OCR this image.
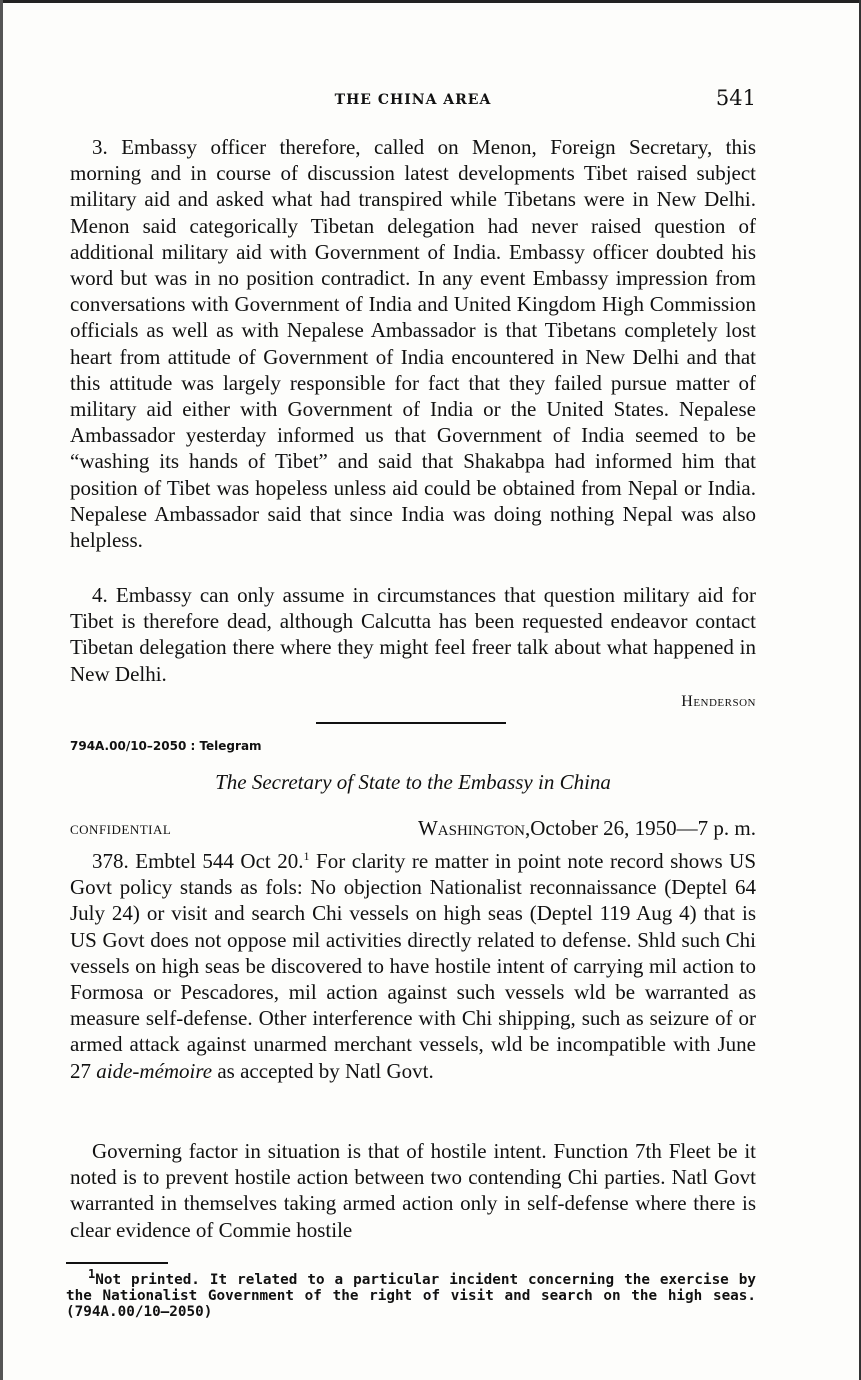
THE CHINA AREA	541

3. Embassy officer therefore, called on Menon, Foreign Secretary, this morning and in course of discussion latest developments Tibet raised subject military aid and asked what had transpired while Tibetans were in New Delhi. Menon said categorically Tibetan delegation had never raised question of additional military aid with Government of India. Embassy officer doubted his word but was in no position contradict. In any event Embassy impression from conversations with Government of India and United Kingdom High Commission officials as well as with Nepalese Ambassador is that Tibetans completely lost heart from attitude of Government of India encountered in New Delhi and that this attitude was largely responsible for fact that they failed pursue matter of military aid either with Government of India or the United States. Nepalese Ambassador yesterday informed us that Government of India seemed to be “washing its hands of Tibet” and said that Shakabpa had informed him that position of Tibet was hopeless unless aid could be obtained from Nepal or India. Nepalese Ambassador said that since India was doing nothing Nepal was also helpless.

4. Embassy can only assume in circumstances that question military aid for Tibet is therefore dead, although Calcutta has been requested endeavor contact Tibetan delegation there where they might feel freer talk about what happened in New Delhi.

Henderson
794A.00/10–2050 : Telegram
The Secretary of State to the Embassy in China
CONFIDENTIAL	Washington,October 26, 1950—7 p. m.

378. Embtel 544 Oct 20.$^1$ For clarity re matter in point note record shows US Govt policy stands as fols: No objection Nationalist reconnaissance (Deptel 64 July 24) or visit and search Chi vessels on high seas (Deptel 119 Aug 4) that is US Govt does not oppose mil activities directly related to defense. Shld such Chi vessels on high seas be discovered to have hostile intent of carrying mil action to Formosa or Pescadores, mil action against such vessels wld be warranted as measure self-defense. Other interference with Chi shipping, such as seizure of or armed attack against unarmed merchant vessels, wld be incompatible with June 27 aide-mémoire as accepted by Natl Govt.

Governing factor in situation is that of hostile intent. Function 7th Fleet be it noted is to prevent hostile action between two contending Chi parties. Natl Govt warranted in themselves taking armed action only in self-defense where there is clear evidence of Commie hostile

$^1$Not printed. It related to a particular incident concerning the exercise by the Nationalist Government of the right of visit and search on the high seas. (794A.00/10–2050)
